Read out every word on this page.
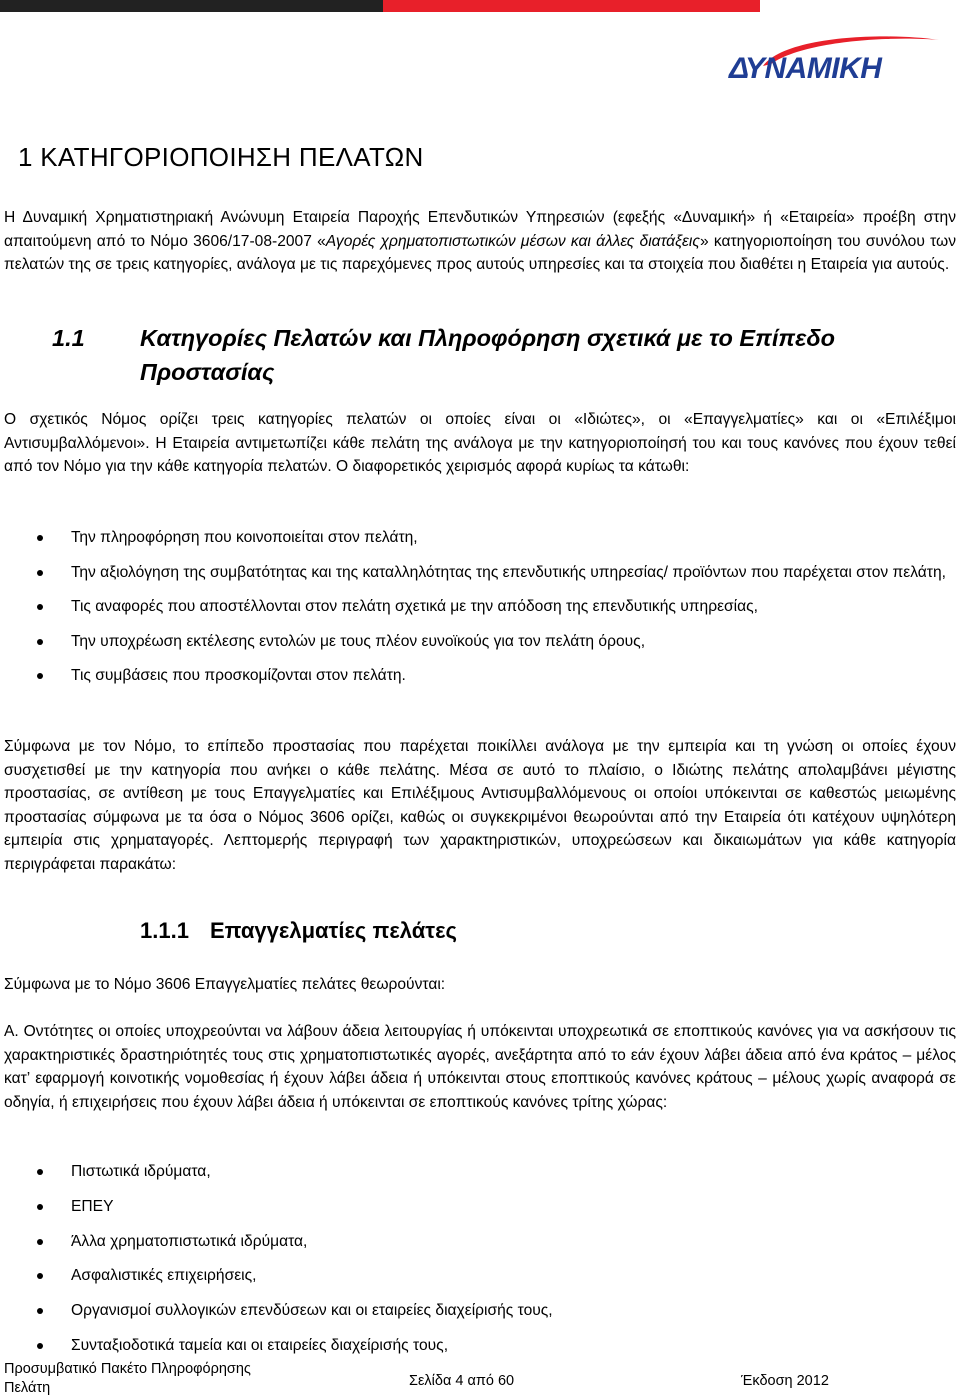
ΔΥΝΑΜΙΚΗ
1 ΚΑΤΗΓΟΡΙΟΠΟΙΗΣΗ ΠΕΛΑΤΩΝ

Η Δυναμική Χρηματιστηριακή Ανώνυμη Εταιρεία Παροχής Επενδυτικών Υπηρεσιών (εφεξής «Δυναμική» ή «Εταιρεία» προέβη στην απαιτούμενη από το Νόμο 3606/17-08-2007 «Αγορές χρηματοπιστωτικών μέσων και άλλες διατάξεις» κατηγοριοποίηση του συνόλου των πελατών της σε τρεις κατηγορίες, ανάλογα με τις παρεχόμενες προς αυτούς υπηρεσίες και τα στοιχεία που διαθέτει η Εταιρεία για αυτούς.

1.1 Κατηγορίες Πελατών και Πληροφόρηση σχετικά με το Επίπεδο
Προστασίας

Ο σχετικός Νόμος ορίζει τρεις κατηγορίες πελατών οι οποίες είναι οι «Ιδιώτες», οι «Επαγγελματίες» και οι «Επιλέξιμοι Αντισυμβαλλόμενοι». Η Εταιρεία αντιμετωπίζει κάθε πελάτη της ανάλογα με την κατηγοριοποίησή του και τους κανόνες που έχουν τεθεί από τον Νόμο για την κάθε κατηγορία πελατών. Ο διαφορετικός χειρισμός αφορά κυρίως τα κάτωθι:

Την πληροφόρηση που κοινοποιείται στον πελάτη,
Την αξιολόγηση της συμβατότητας και της καταλληλότητας της επενδυτικής υπηρεσίας/ προϊόντων που παρέχεται στον πελάτη,
Τις αναφορές που αποστέλλονται στον πελάτη σχετικά με την απόδοση της επενδυτικής υπηρεσίας,
Την υποχρέωση εκτέλεσης εντολών με τους πλέον ευνοϊκούς για τον πελάτη όρους,
Τις συμβάσεις που προσκομίζονται στον πελάτη.

Σύμφωνα με τον Νόμο, το επίπεδο προστασίας που παρέχεται ποικίλλει ανάλογα με την εμπειρία και τη γνώση οι οποίες έχουν συσχετισθεί με την κατηγορία που ανήκει ο κάθε πελάτης. Μέσα σε αυτό το πλαίσιο, ο Ιδιώτης πελάτης απολαμβάνει μέγιστης προστασίας, σε αντίθεση με τους Επαγγελματίες και Επιλέξιμους Αντισυμβαλλόμενους οι οποίοι υπόκεινται σε καθεστώς μειωμένης προστασίας σύμφωνα με τα όσα ο Νόμος 3606 ορίζει, καθώς οι συγκεκριμένοι θεωρούνται από την Εταιρεία ότι κατέχουν υψηλότερη εμπειρία στις χρηματαγορές. Λεπτομερής περιγραφή των χαρακτηριστικών, υποχρεώσεων και δικαιωμάτων για κάθε κατηγορία περιγράφεται παρακάτω:

1.1.1 Επαγγελματίες πελάτες

Σύμφωνα με το Νόμο 3606 Επαγγελματίες πελάτες θεωρούνται:

Α. Οντότητες οι οποίες υποχρεούνται να λάβουν άδεια λειτουργίας ή υπόκεινται υποχρεωτικά σε εποπτικούς κανόνες για να ασκήσουν τις χαρακτηριστικές δραστηριότητές τους στις χρηματοπιστωτικές αγορές, ανεξάρτητα από το εάν έχουν λάβει άδεια από ένα κράτος – μέλος κατ’ εφαρμογή κοινοτικής νομοθεσίας ή έχουν λάβει άδεια ή υπόκεινται στους εποπτικούς κανόνες κράτους – μέλους χωρίς αναφορά σε οδηγία, ή επιχειρήσεις που έχουν λάβει άδεια ή υπόκεινται σε εποπτικούς κανόνες τρίτης χώρας:

Πιστωτικά ιδρύματα,
ΕΠΕΥ
Άλλα χρηματοπιστωτικά ιδρύματα,
Ασφαλιστικές επιχειρήσεις,
Οργανισμοί συλλογικών επενδύσεων και οι εταιρείες διαχείρισής τους,
Συνταξιοδοτικά ταμεία και οι εταιρείες διαχείρισής τους,
Προσυμβατικό Πακέτο Πληροφόρησης
Πελάτη	Σελίδα 4 από 60	Έκδοση 2012
